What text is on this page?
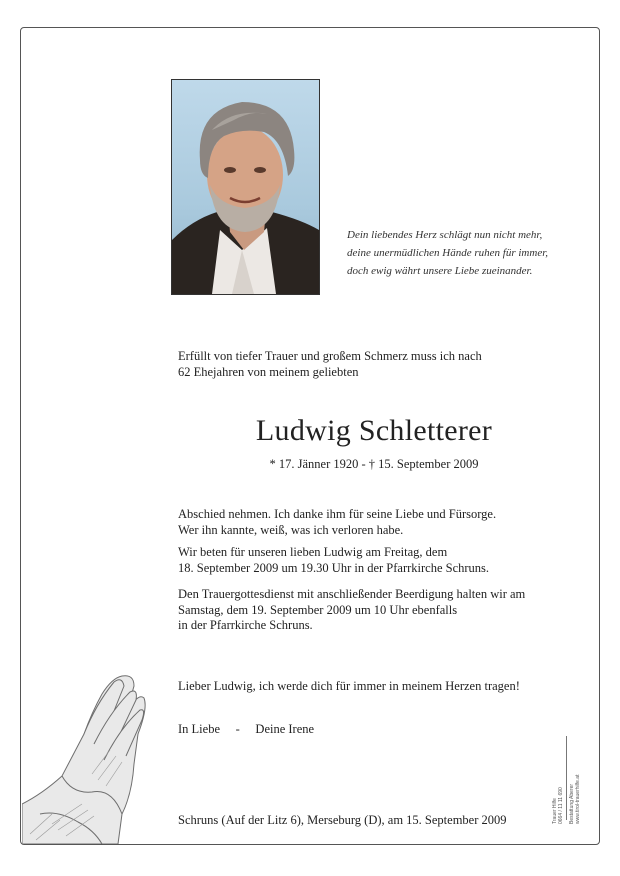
Dein liebendes Herz schlägt nun nicht mehr,
deine unermüdlichen Hände ruhen für immer,
doch ewig währt unsere Liebe zueinander.
Erfüllt von tiefer Trauer und großem Schmerz muss ich nach
62 Ehejahren von meinem geliebten
Ludwig Schletterer
* 17. Jänner 1920 - † 15. September 2009
Abschied nehmen. Ich danke ihm für seine Liebe und Fürsorge.
Wer ihn kannte, weiß, was ich verloren habe.
Wir beten für unseren lieben Ludwig am Freitag, dem
18. September 2009 um 19.30 Uhr in der Pfarrkirche Schruns.
Den Trauergottesdienst mit anschließender Beerdigung halten wir am
Samstag, dem 19. September 2009 um 10 Uhr ebenfalls
in der Pfarrkirche Schruns.
Lieber Ludwig, ich werde dich für immer in meinem Herzen tragen!
In Liebe - Deine Irene
Schruns (Auf der Litz 6), Merseburg (D), am 15. September 2009	Trauer Hilfe 0664 / 11 11 690 Bestattung Aberer www.tirol-trauerhilfe.at
